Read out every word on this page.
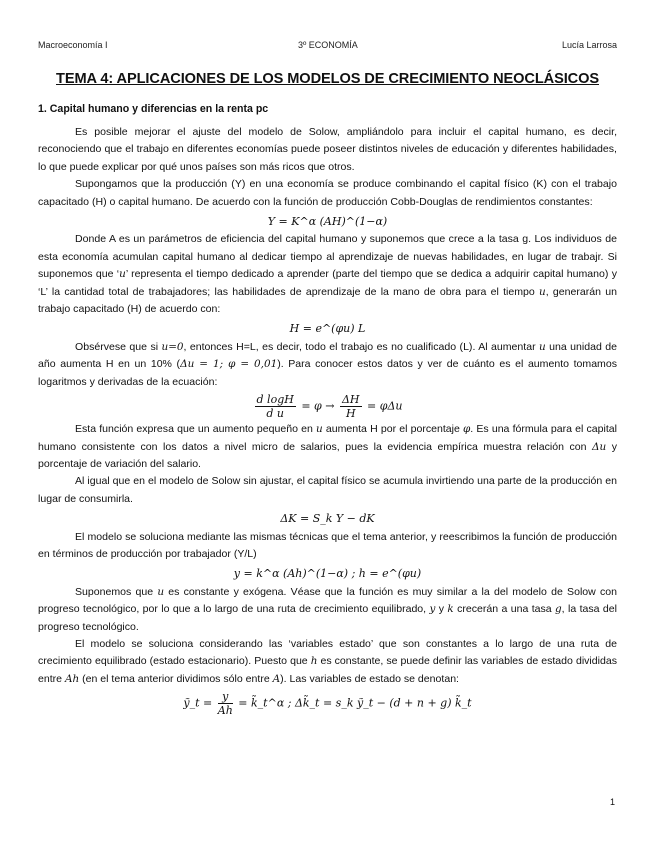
Macroeconomía I	3º ECONOMÍA	Lucía Larrosa
TEMA 4: APLICACIONES DE LOS MODELOS DE CRECIMIENTO NEOCLÁSICOS
1. Capital humano y diferencias en la renta pc

Es posible mejorar el ajuste del modelo de Solow, ampliándolo para incluir el capital humano, es decir, reconociendo que el trabajo en diferentes economías puede poseer distintos niveles de educación y diferentes habilidades, lo que puede explicar por qué unos países son más ricos que otros.

Supongamos que la producción (Y) en una economía se produce combinando el capital físico (K) con el trabajo capacitado (H) o capital humano. De acuerdo con la función de producción Cobb-Douglas de rendimientos constantes:

Y = K^α (AH)^(1−α)

Donde A es un parámetros de eficiencia del capital humano y suponemos que crece a la tasa g. Los individuos de esta economía acumulan capital humano al dedicar tiempo al aprendizaje de nuevas habilidades, en lugar de trabajr. Si suponemos que ‘u’ representa el tiempo dedicado a aprender (parte del tiempo que se dedica a adquirir capital humano) y ‘L’ la cantidad total de trabajadores; las habilidades de aprendizaje de la mano de obra para el tiempo u, generarán un trabajo capacitado (H) de acuerdo con:

H = e^(φu) L

Obsérvese que si u=0, entonces H=L, es decir, todo el trabajo es no cualificado (L). Al aumentar u una unidad de año aumenta H en un 10% (Δu = 1; φ = 0,01). Para conocer estos datos y ver de cuánto es el aumento tomamos logaritmos y derivadas de la ecuación:

$\frac{\text{d logH}}{\text{d u}} = \varphi \to \frac{\Delta H}{H} = \varphi\Delta u$

Esta función expresa que un aumento pequeño en u aumenta H por el porcentaje φ. Es una fórmula para el capital humano consistente con los datos a nivel micro de salarios, pues la evidencia empírica muestra relación con Δu y porcentaje de variación del salario.

Al igual que en el modelo de Solow sin ajustar, el capital físico se acumula invirtiendo una parte de la producción en lugar de consumirla.

ΔK = S_k Y − dK

El modelo se soluciona mediante las mismas técnicas que el tema anterior, y reescribimos la función de producción en términos de producción por trabajador (Y/L)

y = k^α (Ah)^(1−α) ; h = e^(φu)

Suponemos que u es constante y exógena. Véase que la función es muy similar a la del modelo de Solow con progreso tecnológico, por lo que a lo largo de una ruta de crecimiento equilibrado, y y k crecerán a una tasa g, la tasa del progreso tecnológico.

El modelo se soluciona considerando las ‘variables estado’ que son constantes a lo largo de una ruta de crecimiento equilibrado (estado estacionario). Puesto que h es constante, se puede definir las variables de estado divididas entre Ah (en el tema anterior dividimos sólo entre A). Las variables de estado se denotan:

ỹ_t = $\frac{y}{Ah}$ = k̃_t^α ; Δk̃_t = s_k ỹ_t − (d + n + g) k̃_t
1
